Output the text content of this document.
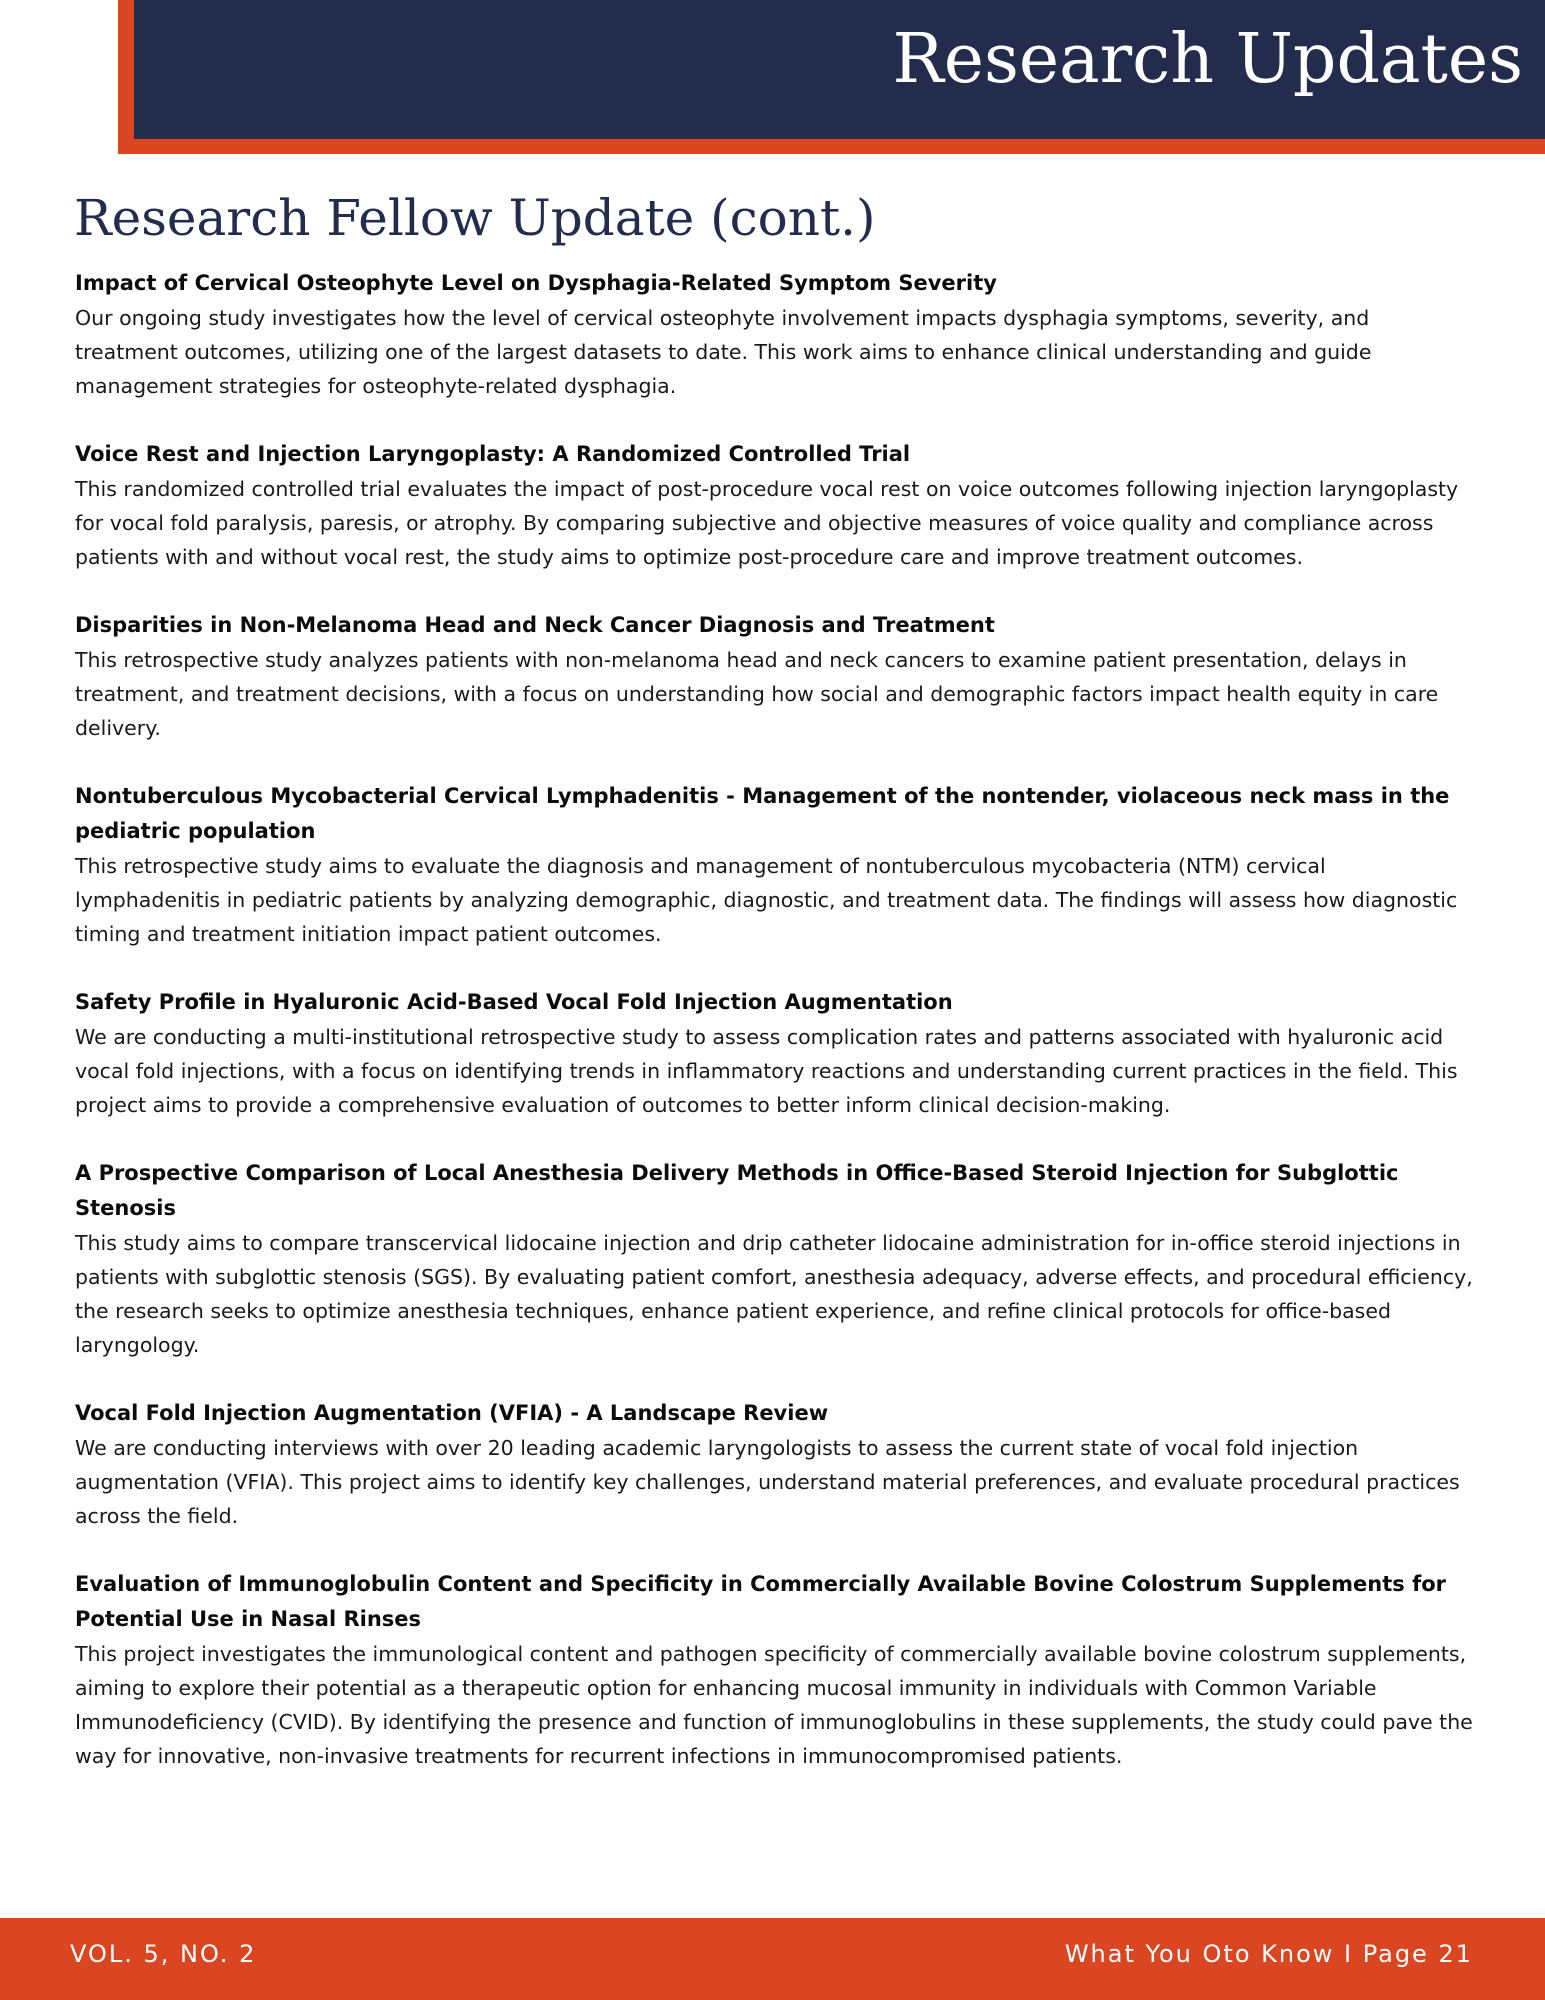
Research Updates
Research Fellow Update (cont.)

Impact of Cervical Osteophyte Level on Dysphagia-Related Symptom Severity

Our ongoing study investigates how the level of cervical osteophyte involvement impacts dysphagia symptoms, severity, and treatment outcomes, utilizing one of the largest datasets to date. This work aims to enhance clinical understanding and guide management strategies for osteophyte-related dysphagia.

Voice Rest and Injection Laryngoplasty: A Randomized Controlled Trial

This randomized controlled trial evaluates the impact of post-procedure vocal rest on voice outcomes following injection laryngoplasty for vocal fold paralysis, paresis, or atrophy. By comparing subjective and objective measures of voice quality and compliance across patients with and without vocal rest, the study aims to optimize post-procedure care and improve treatment outcomes.

Disparities in Non-Melanoma Head and Neck Cancer Diagnosis and Treatment

This retrospective study analyzes patients with non-melanoma head and neck cancers to examine patient presentation, delays in treatment, and treatment decisions, with a focus on understanding how social and demographic factors impact health equity in care delivery.

Nontuberculous Mycobacterial Cervical Lymphadenitis - Management of the nontender, violaceous neck mass in the pediatric population

This retrospective study aims to evaluate the diagnosis and management of nontuberculous mycobacteria (NTM) cervical lymphadenitis in pediatric patients by analyzing demographic, diagnostic, and treatment data. The findings will assess how diagnostic timing and treatment initiation impact patient outcomes.

Safety Profile in Hyaluronic Acid-Based Vocal Fold Injection Augmentation

We are conducting a multi-institutional retrospective study to assess complication rates and patterns associated with hyaluronic acid vocal fold injections, with a focus on identifying trends in inflammatory reactions and understanding current practices in the field. This project aims to provide a comprehensive evaluation of outcomes to better inform clinical decision-making.

A Prospective Comparison of Local Anesthesia Delivery Methods in Office-Based Steroid Injection for Subglottic Stenosis

This study aims to compare transcervical lidocaine injection and drip catheter lidocaine administration for in-office steroid injections in patients with subglottic stenosis (SGS). By evaluating patient comfort, anesthesia adequacy, adverse effects, and procedural efficiency, the research seeks to optimize anesthesia techniques, enhance patient experience, and refine clinical protocols for office-based laryngology.

Vocal Fold Injection Augmentation (VFIA) - A Landscape Review

We are conducting interviews with over 20 leading academic laryngologists to assess the current state of vocal fold injection augmentation (VFIA). This project aims to identify key challenges, understand material preferences, and evaluate procedural practices across the field.

Evaluation of Immunoglobulin Content and Specificity in Commercially Available Bovine Colostrum Supplements for Potential Use in Nasal Rinses

This project investigates the immunological content and pathogen specificity of commercially available bovine colostrum supplements, aiming to explore their potential as a therapeutic option for enhancing mucosal immunity in individuals with Common Variable Immunodeficiency (CVID). By identifying the presence and function of immunoglobulins in these supplements, the study could pave the way for innovative, non-invasive treatments for recurrent infections in immunocompromised patients.

VOL. 5, NO. 2	What You Oto Know I Page 21
